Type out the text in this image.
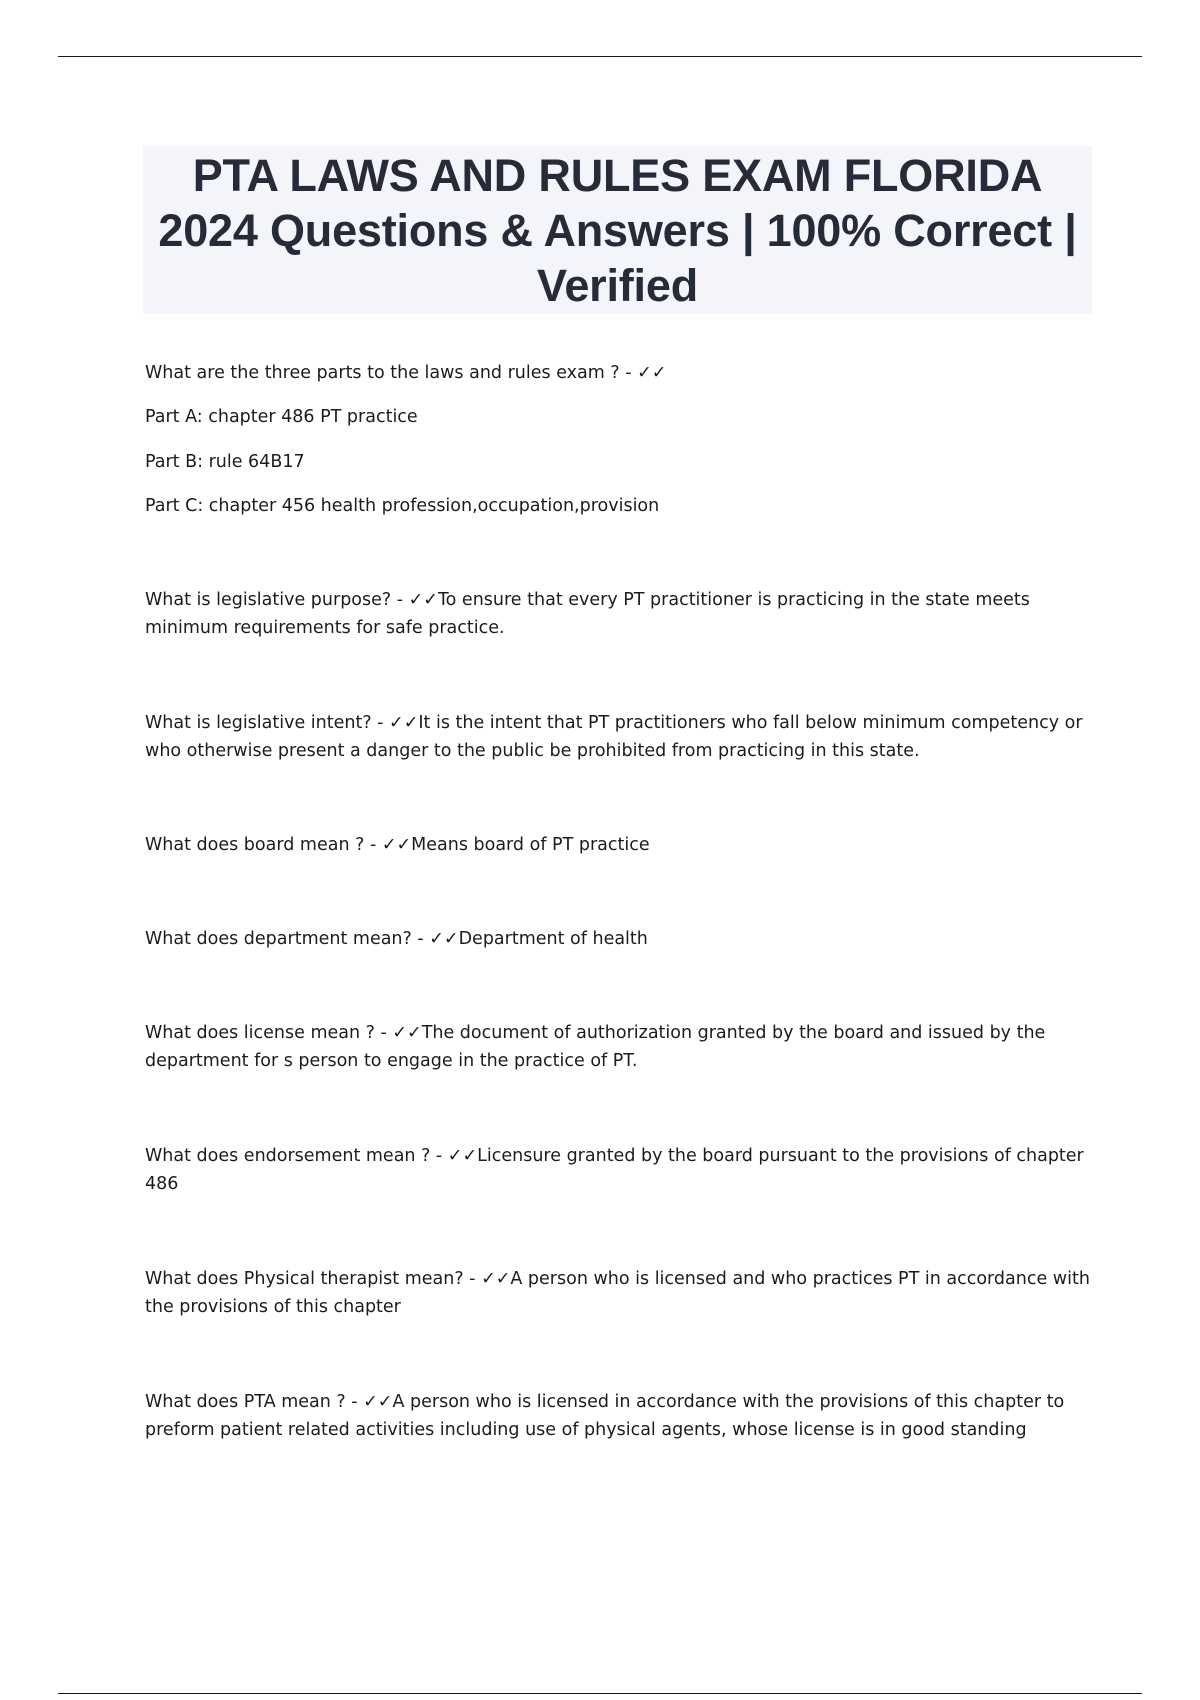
PTA LAWS AND RULES EXAM FLORIDA 2024 Questions & Answers | 100% Correct | Verified

What are the three parts to the laws and rules exam ? - ✓✓

Part A: chapter 486 PT practice

Part B: rule 64B17

Part C: chapter 456 health profession,occupation,provision

What is legislative purpose? - ✓✓To ensure that every PT practitioner is practicing in the state meets minimum requirements for safe practice.

What is legislative intent? - ✓✓It is the intent that PT practitioners who fall below minimum competency or who otherwise present a danger to the public be prohibited from practicing in this state.

What does board mean ? - ✓✓Means board of PT practice

What does department mean? - ✓✓Department of health

What does license mean ? - ✓✓The document of authorization granted by the board and issued by the department for s person to engage in the practice of PT.

What does endorsement mean ? - ✓✓Licensure granted by the board pursuant to the provisions of chapter 486

What does Physical therapist mean? - ✓✓A person who is licensed and who practices PT in accordance with the provisions of this chapter

What does PTA mean ? - ✓✓A person who is licensed in accordance with the provisions of this chapter to preform patient related activities including use of physical agents, whose license is in good standing
